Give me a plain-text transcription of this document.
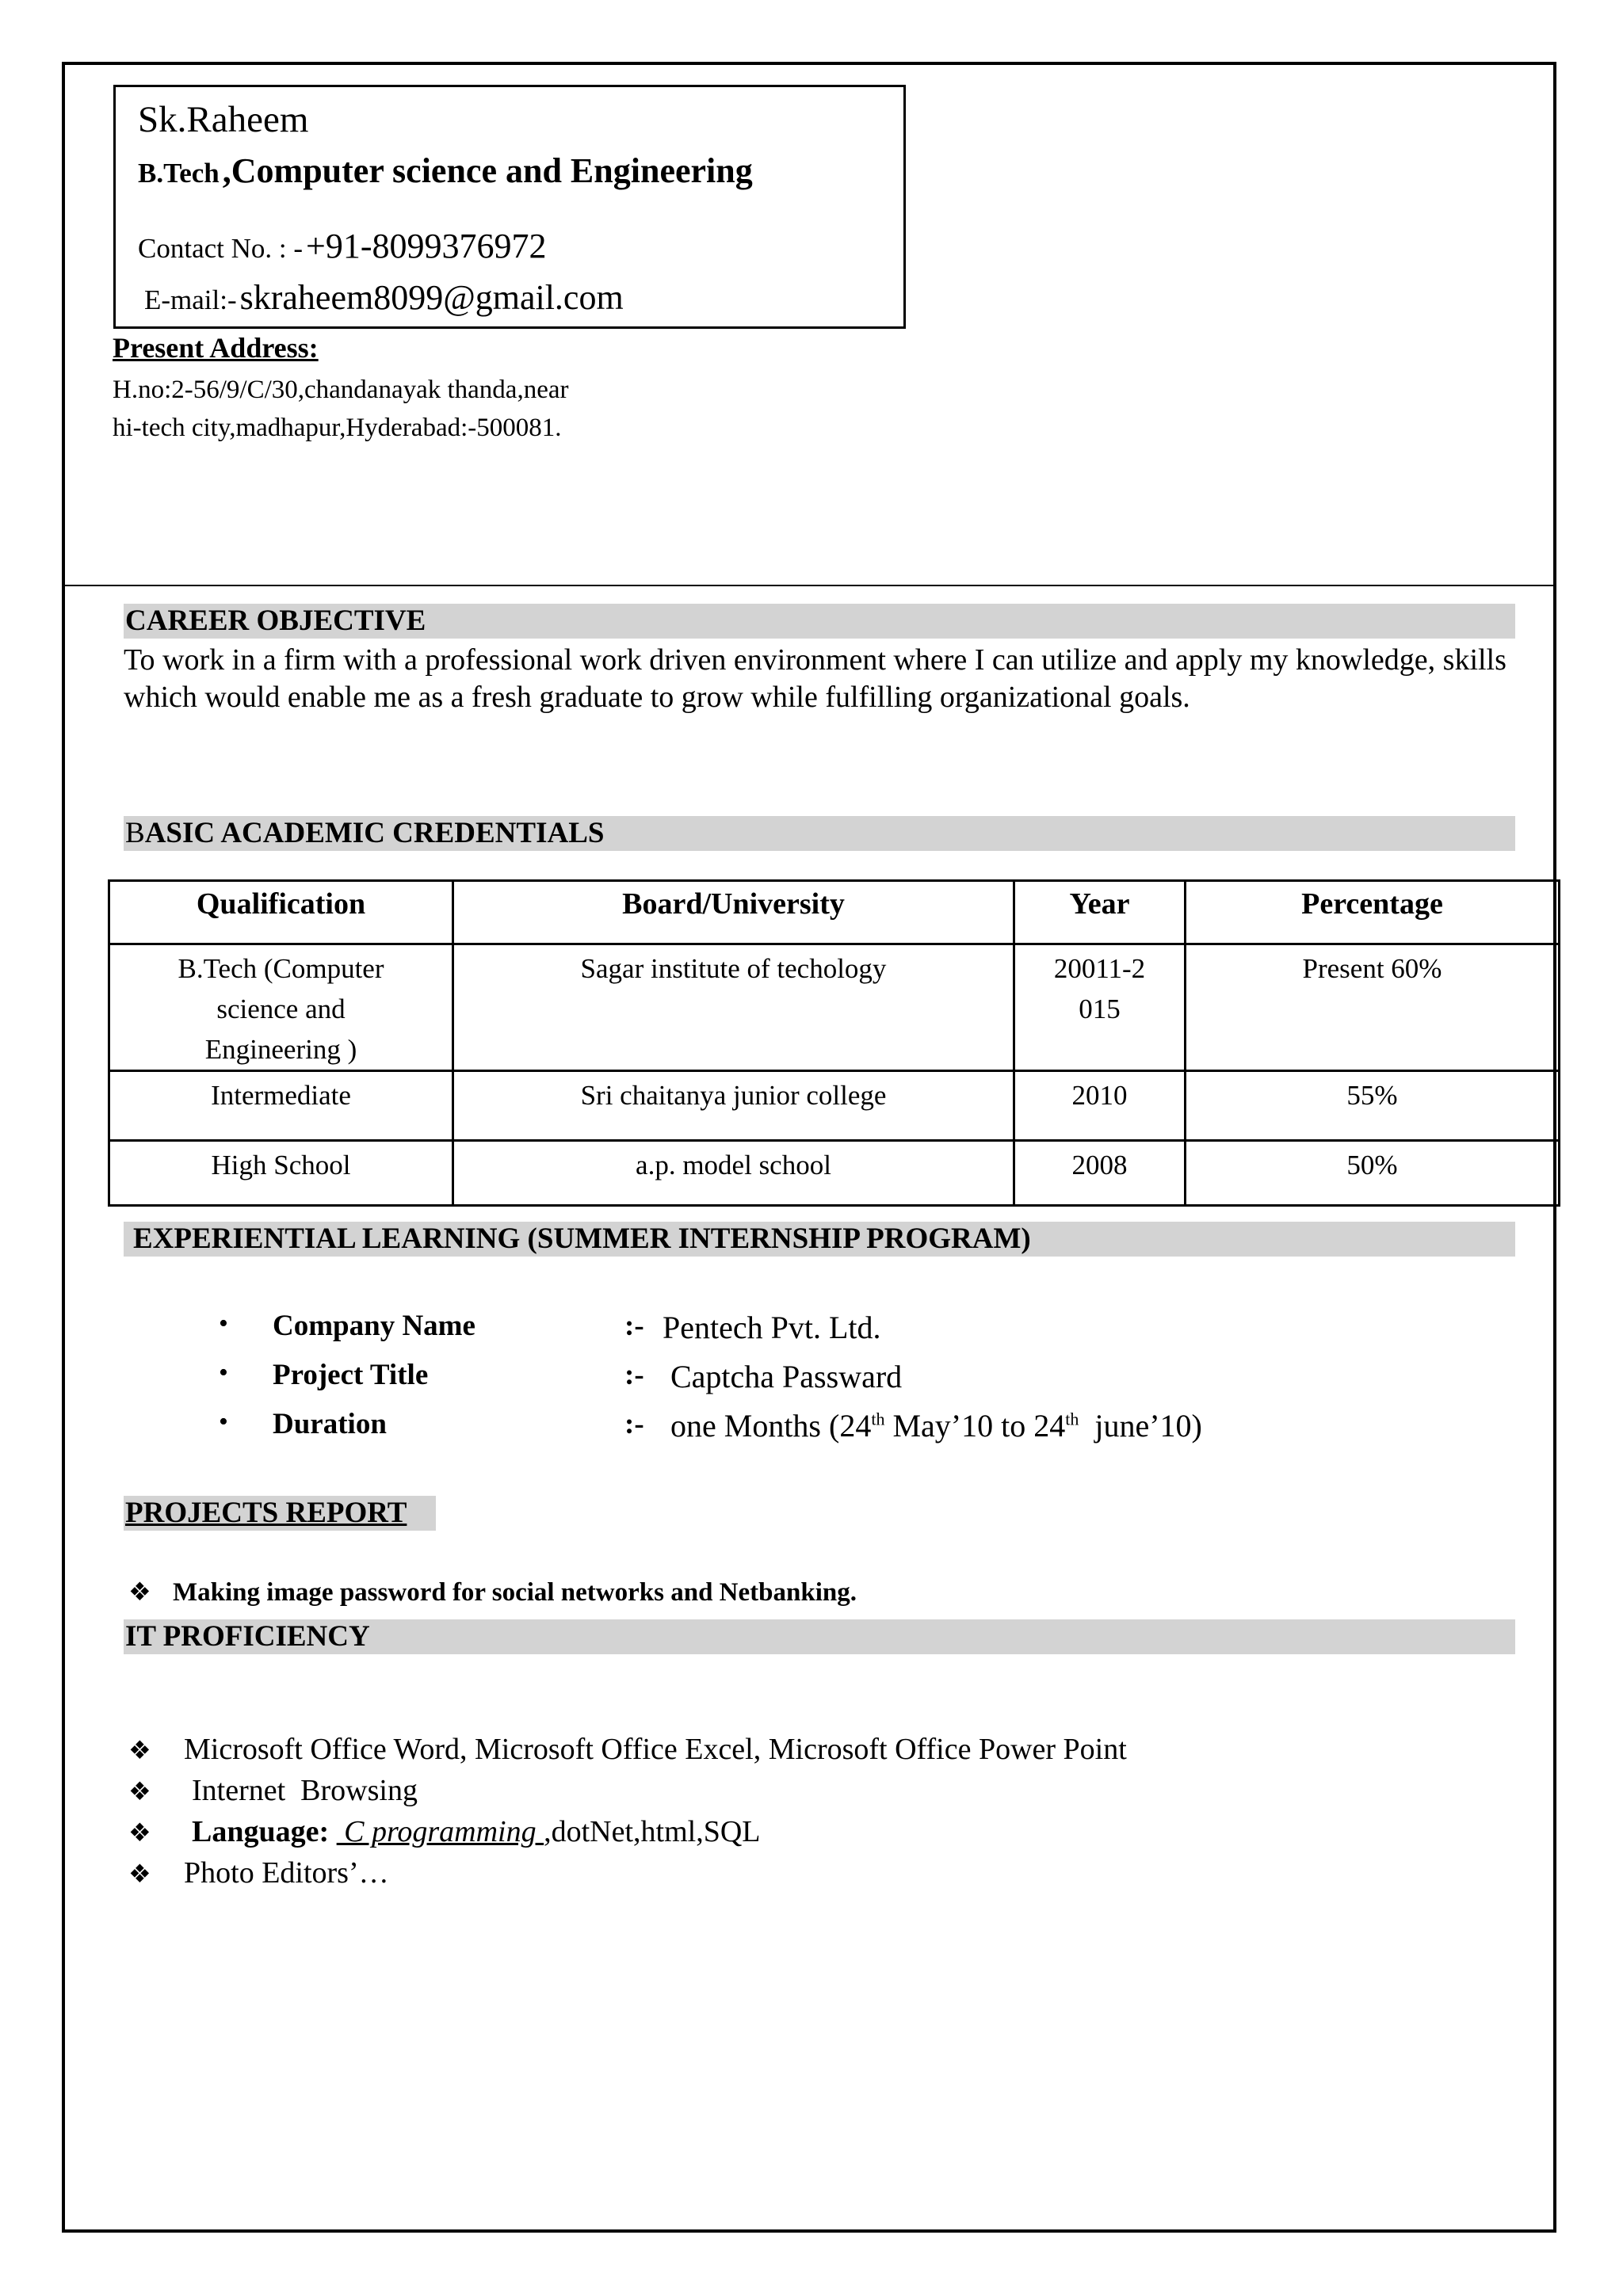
Sk.Raheem
B.Tech ,Computer science and Engineering
Contact No. : - +91-8099376972
E-mail:- skraheem8099@gmail.com
Present Address:
H.no:2-56/9/C/30,chandanayak thanda,near
hi-tech city,madhapur,Hyderabad:-500081.
CAREER OBJECTIVE
To work in a firm with a professional work driven environment where I can utilize and apply my knowledge, skills which would enable me as a fresh graduate to grow while fulfilling organizational goals.
BASIC ACADEMIC CREDENTIALS
Qualification	Board/University	Year	Percentage

B.Tech (Computer science and Engineering )	Sagar institute of techology	20011-2015	Present 60%
Intermediate	Sri chaitanya junior college	2010	55%
High School	a.p. model school	2008	50%
EXPERIENTIAL LEARNING (SUMMER INTERNSHIP PROGRAM)
• Company Name	:- Pentech Pvt. Ltd.
• Project Title	:- Captcha Passward
• Duration	:- one Months (24th May’10 to 24th  june’10)
PROJECTS REPORT
❖ Making image password for social networks and Netbanking.
IT PROFICIENCY
❖ Microsoft Office Word, Microsoft Office Excel, Microsoft Office Power Point
❖ Internet  Browsing
❖ Language:  C programming ,dotNet,html,SQL
❖ Photo Editors’…
